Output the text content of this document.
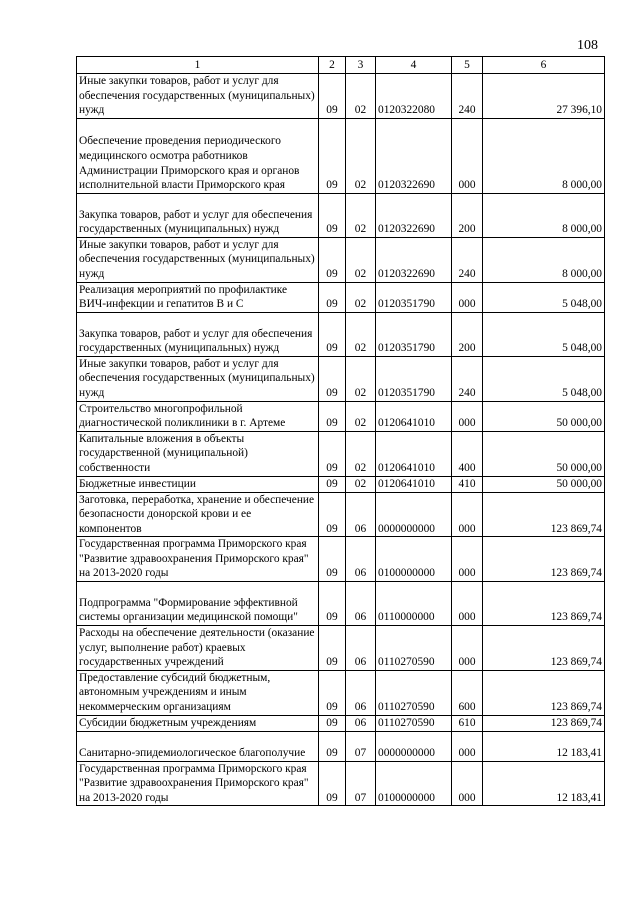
108
1	2	3	4	5	6
Иные закупки товаров, работ и услуг для обеспечения государственных (муниципальных) нужд	09	02	0120322080	240	27 396,10
Обеспечение проведения периодического медицинского осмотра работников Администрации Приморского края и органов исполнительной власти Приморского края	09	02	0120322690	000	8 000,00
Закупка товаров, работ и услуг для обеспечения государственных (муниципальных) нужд	09	02	0120322690	200	8 000,00
Иные закупки товаров, работ и услуг для обеспечения государственных (муниципальных) нужд	09	02	0120322690	240	8 000,00
Реализация мероприятий по профилактике ВИЧ-инфекции и гепатитов В и С	09	02	0120351790	000	5 048,00
Закупка товаров, работ и услуг для обеспечения государственных (муниципальных) нужд	09	02	0120351790	200	5 048,00
Иные закупки товаров, работ и услуг для обеспечения государственных (муниципальных) нужд	09	02	0120351790	240	5 048,00
Строительство многопрофильной диагностической поликлиники в г. Артеме	09	02	0120641010	000	50 000,00
Капитальные вложения в объекты государственной (муниципальной) собственности	09	02	0120641010	400	50 000,00
Бюджетные инвестиции	09	02	0120641010	410	50 000,00
Заготовка, переработка, хранение и обеспечение безопасности донорской крови и ее компонентов	09	06	0000000000	000	123 869,74
Государственная программа Приморского края "Развитие здравоохранения Приморского края" на 2013-2020 годы	09	06	0100000000	000	123 869,74
Подпрограмма "Формирование эффективной системы организации медицинской помощи"	09	06	0110000000	000	123 869,74
Расходы на обеспечение деятельности (оказание услуг, выполнение работ) краевых государственных учреждений	09	06	0110270590	000	123 869,74
Предоставление субсидий бюджетным, автономным учреждениям и иным некоммерческим организациям	09	06	0110270590	600	123 869,74
Субсидии бюджетным учреждениям	09	06	0110270590	610	123 869,74
Санитарно-эпидемиологическое благополучие	09	07	0000000000	000	12 183,41
Государственная программа Приморского края "Развитие здравоохранения Приморского края" на 2013-2020 годы	09	07	0100000000	000	12 183,41
